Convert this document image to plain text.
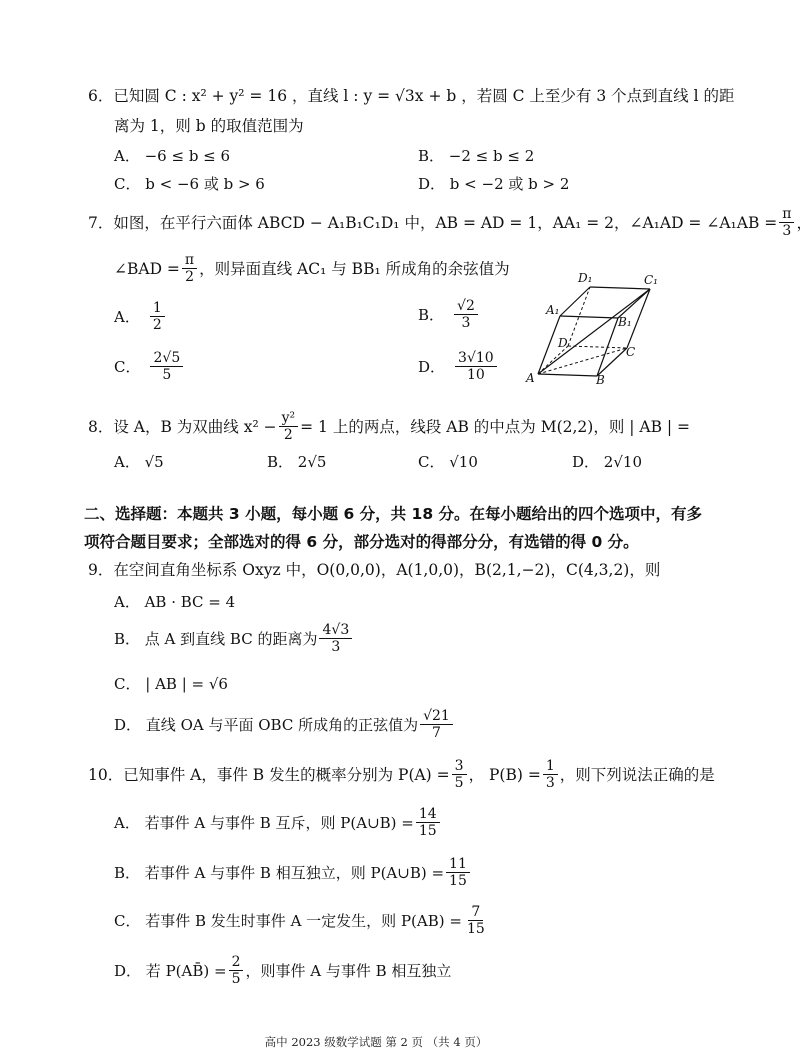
6．已知圆 C : x² + y² = 16 ，直线 l : y = √3x + b ，若圆 C 上至少有 3 个点到直线 l 的距
离为 1，则 b 的取值范围为
A． −6 ≤ b ≤ 6	B． −2 ≤ b ≤ 2
C． b < −6 或 b > 6	D． b < −2 或 b > 2
7．如图，在平行六面体 ABCD − A₁B₁C₁D₁ 中，AB = AD = 1，AA₁ = 2，∠A₁AD = ∠A₁AB = $\frac{\pi}{3}$ ，
∠BAD = $\frac{\pi}{2}$ ，则异面直线 AC₁ 与 BB₁ 所成角的余弦值为
A． $\frac{1}{2}$	B． $\frac{√2}{3}$
C． $\frac{2√5}{5}$	D． $\frac{3√10}{10}$
D₁	C₁
A₁
B₁
D
C
A	B
8．设 A，B 为双曲线 $x^2 - \frac{\text{y²}}{2} = 1$ 上的两点，线段 AB 的中点为 M(2,2)，则 | AB | =
A． √5	B． 2√5	C． √10	D． 2√10
二、选择题：本题共 3 小题，每小题 6 分，共 18 分。在每小题给出的四个选项中，有多
项符合题目要求；全部选对的得 6 分，部分选对的得部分分，有选错的得 0 分。
9．在空间直角坐标系 Oxyz 中，O(0,0,0)，A(1,0,0)，B(2,1,−2)，C(4,3,2)，则
A． AB · BC = 4
B． 点 A 到直线 BC 的距离为 $\frac{4√3}{3}$
C． | AB | = √6
D． 直线 OA 与平面 OBC 所成角的正弦值为 $\frac{√21}{7}$
10．已知事件 A，事件 B 发生的概率分别为 $P(A) = \frac{3}{5}$ ， $P(B) = \frac{1}{3}$ ，则下列说法正确的是
A． 若事件 A 与事件 B 互斥，则 P(A∪B) = $\frac{14}{15}$
B． 若事件 A 与事件 B 相互独立，则 P(A∪B) = $\frac{11}{15}$
C． 若事件 B 发生时事件 A 一定发生，则 $P(AB) = \frac{7}{15}$
D． 若 P(AB̄) = $\frac{2}{5}$ ，则事件 A 与事件 B 相互独立
高中 2023 级数学试题 第 2 页 （共 4 页）
